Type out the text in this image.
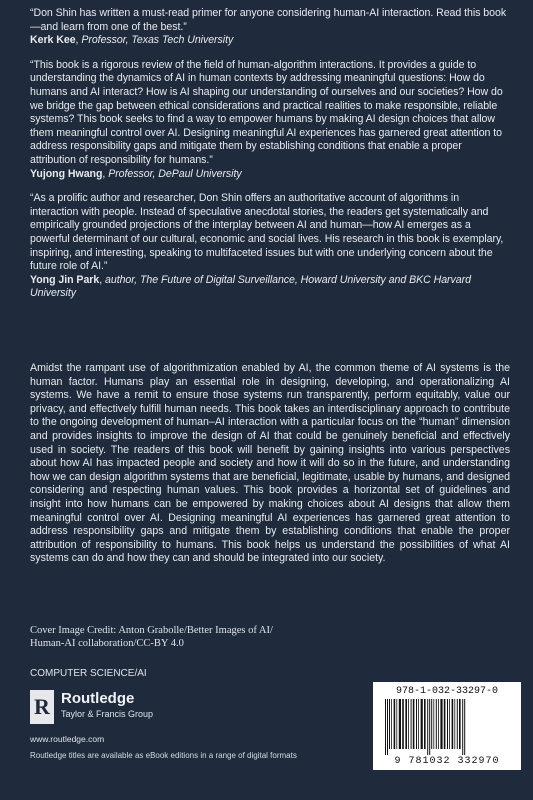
“Don Shin has written a must-read primer for anyone considering human-AI interaction. Read this book—and learn from one of the best.”
Kerk Kee, Professor, Texas Tech University
“This book is a rigorous review of the field of human-algorithm interactions. It provides a guide to understanding the dynamics of AI in human contexts by addressing meaningful questions: How do humans and AI interact? How is AI shaping our understanding of ourselves and our societies? How do we bridge the gap between ethical considerations and practical realities to make responsible, reliable systems? This book seeks to find a way to empower humans by making AI design choices that allow them meaningful control over AI. Designing meaningful AI experiences has garnered great attention to address responsibility gaps and mitigate them by establishing conditions that enable a proper attribution of responsibility for humans.”
Yujong Hwang, Professor, DePaul University
“As a prolific author and researcher, Don Shin offers an authoritative account of algorithms in interaction with people. Instead of speculative anecdotal stories, the readers get systematically and empirically grounded projections of the interplay between AI and human—how AI emerges as a powerful determinant of our cultural, economic and social lives. His research in this book is exemplary, inspiring, and interesting, speaking to multifaceted issues but with one underlying concern about the future role of AI.”
Yong Jin Park, author, The Future of Digital Surveillance, Howard University and BKC Harvard University
Amidst the rampant use of algorithmization enabled by AI, the common theme of AI systems is the human factor. Humans play an essential role in designing, developing, and operationalizing AI systems. We have a remit to ensure those systems run transparently, perform equitably, value our privacy, and effectively fulfill human needs. This book takes an interdisciplinary approach to contribute to the ongoing development of human–AI interaction with a particular focus on the “human” dimension and provides insights to improve the design of AI that could be genuinely beneficial and effectively used in society. The readers of this book will benefit by gaining insights into various perspectives about how AI has impacted people and society and how it will do so in the future, and understanding how we can design algorithm systems that are beneficial, legitimate, usable by humans, and designed considering and respecting human values. This book provides a horizontal set of guidelines and insight into how humans can be empowered by making choices about AI designs that allow them meaningful control over AI. Designing meaningful AI experiences has garnered great attention to address responsibility gaps and mitigate them by establishing conditions that enable the proper attribution of responsibility to humans. This book helps us understand the possibilities of what AI systems can do and how they can and should be integrated into our society.
Cover Image Credit: Anton Grabolle/Better Images of AI/
Human-AI collaboration/CC-BY 4.0
COMPUTER SCIENCE/AI
R Routledge
Taylor & Francis Group
www.routledge.com
Routledge titles are available as eBook editions in a range of digital formats
978-1-032-33297-0
9 781032 332970
